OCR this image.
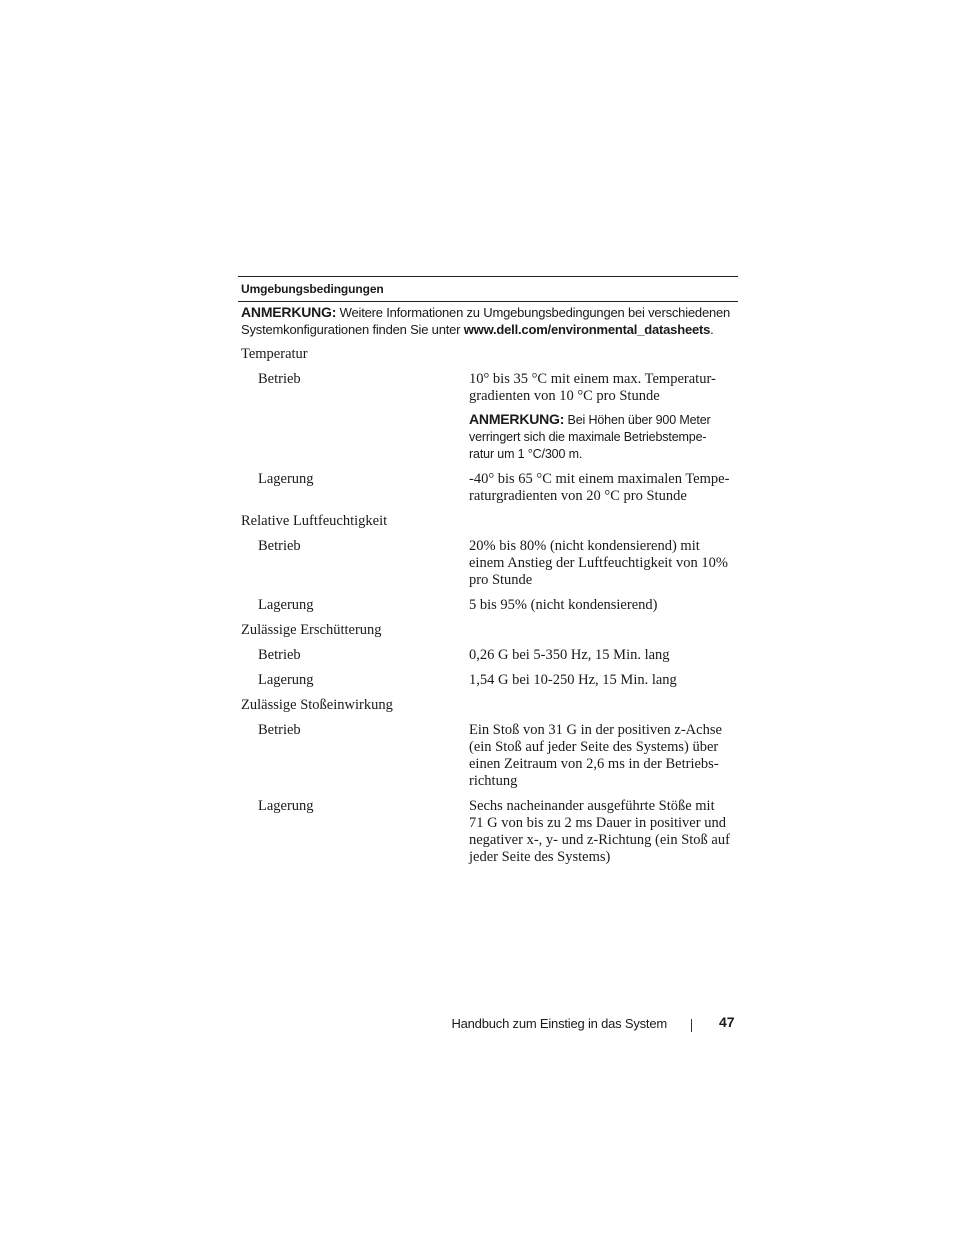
Umgebungsbedingungen
ANMERKUNG: Weitere Informationen zu Umgebungsbedingungen bei verschiedenen Systemkonfigurationen finden Sie unter www.dell.com/environmental_datasheets.
Temperatur
Betrieb	10° bis 35 °C mit einem max. Temperatur-gradienten von 10 °C pro Stunde
ANMERKUNG: Bei Höhen über 900 Meter verringert sich die maximale Betriebstempe-ratur um 1 °C/300 m.
Lagerung	-40° bis 65 °C mit einem maximalen Tempe-raturgradienten von 20 °C pro Stunde
Relative Luftfeuchtigkeit
Betrieb	20% bis 80% (nicht kondensierend) mit einem Anstieg der Luftfeuchtigkeit von 10% pro Stunde
Lagerung	5 bis 95% (nicht kondensierend)
Zulässige Erschütterung
Betrieb	0,26 G bei 5-350 Hz, 15 Min. lang
Lagerung	1,54 G bei 10-250 Hz, 15 Min. lang
Zulässige Stoßeinwirkung
Betrieb	Ein Stoß von 31 G in der positiven z-Achse (ein Stoß auf jeder Seite des Systems) über einen Zeitraum von 2,6 ms in der Betriebs-richtung
Lagerung	Sechs nacheinander ausgeführte Stöße mit 71 G von bis zu 2 ms Dauer in positiver und negativer x-, y- und z-Richtung (ein Stoß auf jeder Seite des Systems)
Handbuch zum Einstieg in das System	47
